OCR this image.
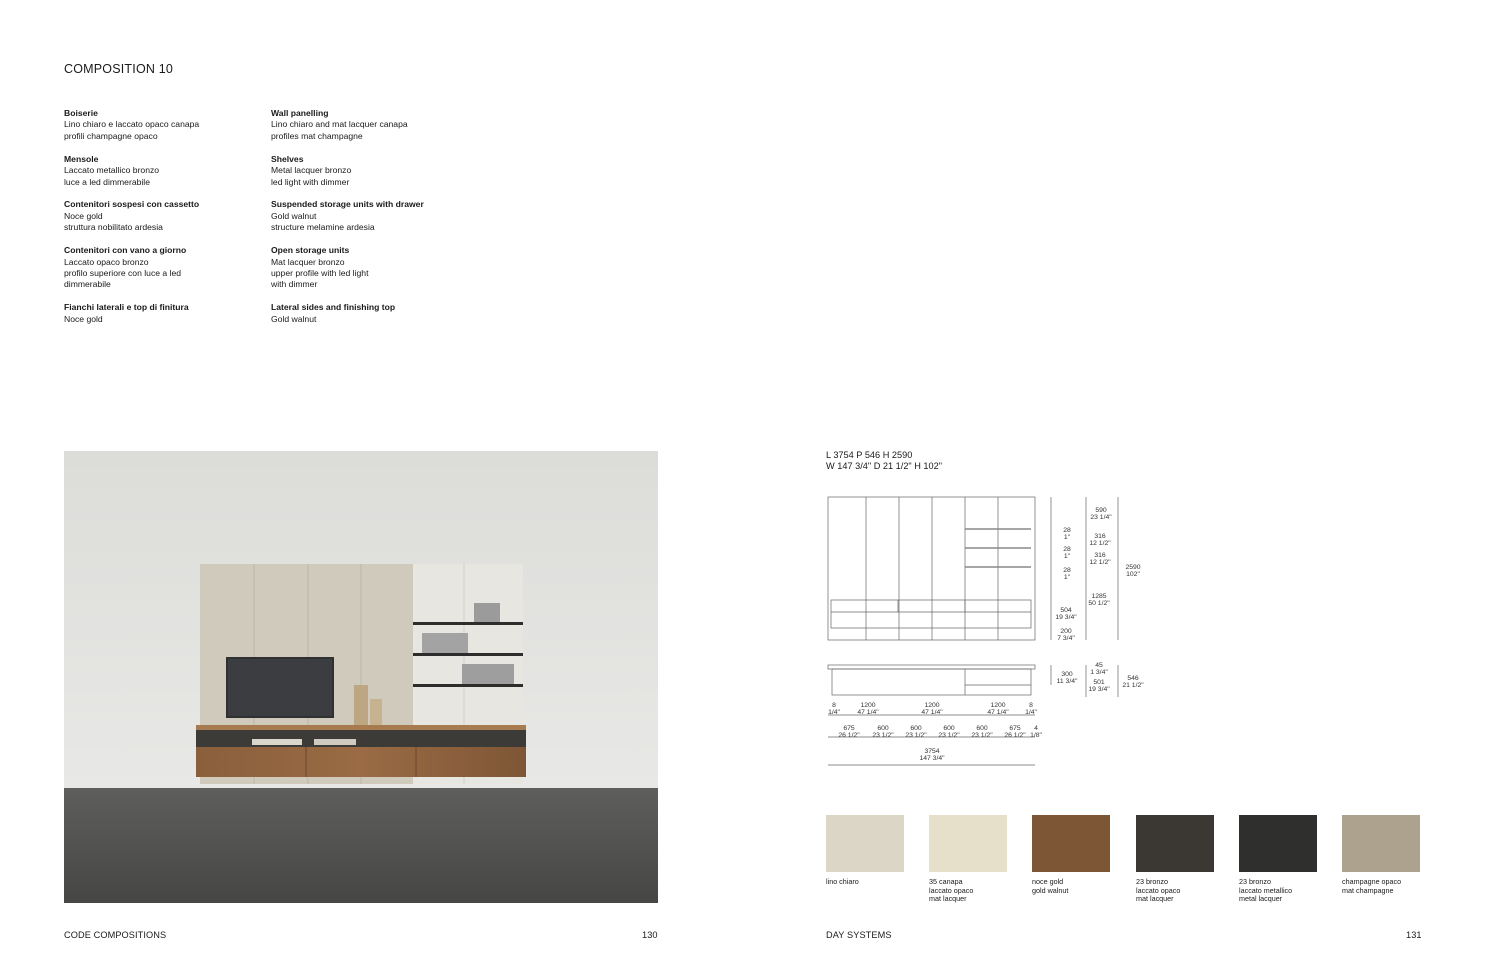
COMPOSITION 10
Boiserie
Lino chiaro e laccato opaco canapa
profili champagne opaco
Mensole
Laccato metallico bronzo
luce a led dimmerabile
Contenitori sospesi con cassetto
Noce gold
struttura nobilitato ardesia
Contenitori con vano a giorno
Laccato opaco bronzo
profilo superiore con luce a led
dimmerabile
Fianchi laterali e top di finitura
Noce gold
Wall panelling
Lino chiaro and mat lacquer canapa
profiles mat champagne
Shelves
Metal lacquer bronzo
led light with dimmer
Suspended storage units with drawer
Gold walnut
structure melamine ardesia
Open storage units
Mat lacquer bronzo
upper profile with led light
with dimmer
Lateral sides and finishing top
Gold walnut
L 3754 P 546 H 2590
W 147 3/4" D 21 1/2" H 102"
590
23 1/4"
316
12 1/2"
316
12 1/2"
1285
50 1/2"
2590
102"
28
1"
28
1"
28
1"
504
19 3/4"
200
7 3/4"
300
11 3/4"
45
1 3/4"
501
19 3/4"
546
21 1/2"
8
1/4"
1200
47 1/4"
1200
47 1/4"
1200
47 1/4"
8
1/4"
675
26 1/2"
600
23 1/2"
600
23 1/2"
600
23 1/2"
600
23 1/2"
675
26 1/2"
4
1/8"
3754
147 3/4"
lino chiaro	35 canapa
laccato opaco
mat lacquer
noce gold
gold walnut
23 bronzo
laccato opaco
mat lacquer
23 bronzo
laccato metallico
metal lacquer
champagne opaco
mat champagne
CODE COMPOSITIONS	130	DAY SYSTEMS	131
